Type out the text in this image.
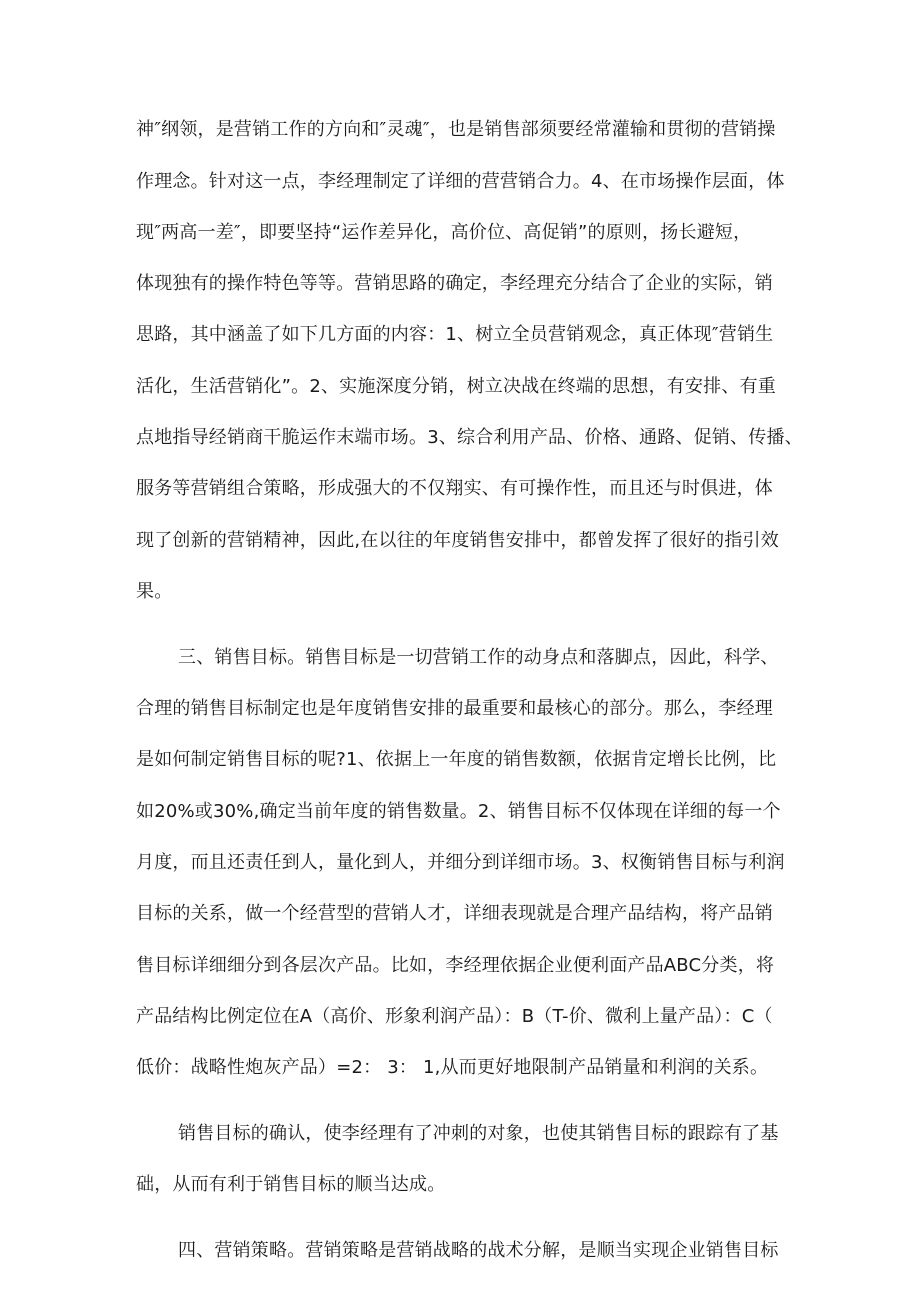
神″纲领，是营销工作的方向和″灵魂″，也是销售部须要经常灌输和贯彻的营销操
作理念。针对这一点，李经理制定了详细的营营销合力。4、在市场操作层面，体
现″两高一差″，即要坚持“运作差异化，高价位、高促销”的原则，扬长避短，
体现独有的操作特色等等。营销思路的确定，李经理充分结合了企业的实际，销
思路，其中涵盖了如下几方面的内容：1、树立全员营销观念，真正体现″营销生
活化，生活营销化”。2、实施深度分销，树立决战在终端的思想，有安排、有重
点地指导经销商干脆运作末端市场。3、综合利用产品、价格、通路、促销、传播、
服务等营销组合策略，形成强大的不仅翔实、有可操作性，而且还与时俱进，体
现了创新的营销精神，因此,在以往的年度销售安排中，都曾发挥了很好的指引效
果。
三、销售目标。销售目标是一切营销工作的动身点和落脚点，因此，科学、
合理的销售目标制定也是年度销售安排的最重要和最核心的部分。那么，李经理
是如何制定销售目标的呢?1、依据上一年度的销售数额，依据肯定增长比例，比
如20%或30%,确定当前年度的销售数量。2、销售目标不仅体现在详细的每一个
月度，而且还责任到人，量化到人，并细分到详细市场。3、权衡销售目标与利润
目标的关系，做一个经营型的营销人才，详细表现就是合理产品结构，将产品销
售目标详细细分到各层次产品。比如，李经理依据企业便利面产品ABC分类，将
产品结构比例定位在A（高价、形象利润产品）：B（T-价、微利上量产品）：C（
低价：战略性炮灰产品）=2： 3： 1,从而更好地限制产品销量和利润的关系。
销售目标的确认，使李经理有了冲刺的对象，也使其销售目标的跟踪有了基
础，从而有利于销售目标的顺当达成。
四、营销策略。营销策略是营销战略的战术分解，是顺当实现企业销售目标
